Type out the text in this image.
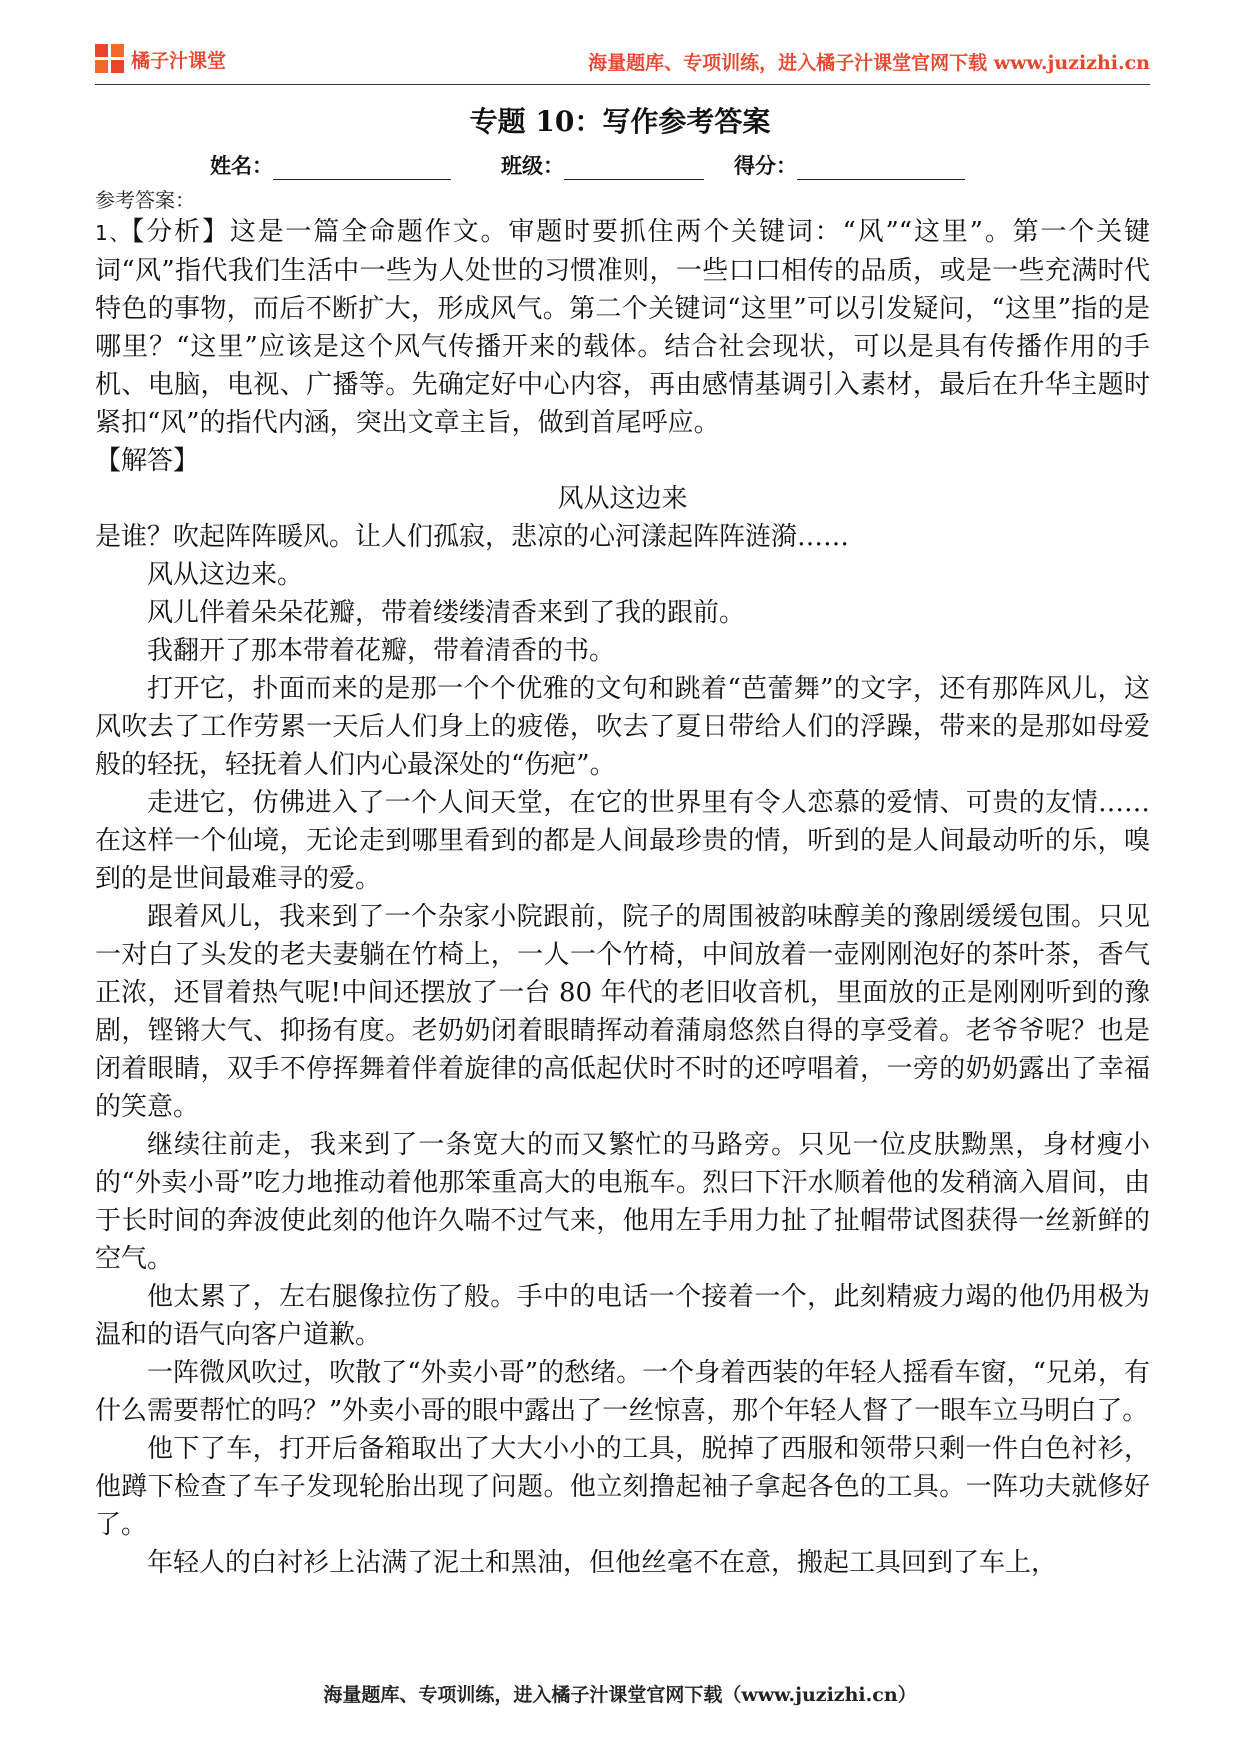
橘子汁课堂	海量题库、专项训练，进入橘子汁课堂官网下载 www.juzizhi.cn
专题 10：写作参考答案
姓名：	班级：	得分：
参考答案：

1、【分析】这是一篇全命题作文。审题时要抓住两个关键词：“风”“这里”。第一个关键词“风”指代我们生活中一些为人处世的习惯准则，一些口口相传的品质，或是一些充满时代特色的事物，而后不断扩大，形成风气。第二个关键词“这里”可以引发疑问，“这里”指的是哪里？“这里”应该是这个风气传播开来的载体。结合社会现状，可以是具有传播作用的手机、电脑，电视、广播等。先确定好中心内容，再由感情基调引入素材，最后在升华主题时紧扣“风”的指代内涵，突出文章主旨，做到首尾呼应。

【解答】

风从这边来

是谁？吹起阵阵暖风。让人们孤寂，悲凉的心河漾起阵阵涟漪……

风从这边来。

风儿伴着朵朵花瓣，带着缕缕清香来到了我的跟前。

我翻开了那本带着花瓣，带着清香的书。

打开它，扑面而来的是那一个个优雅的文句和跳着“芭蕾舞”的文字，还有那阵风儿，这风吹去了工作劳累一天后人们身上的疲倦，吹去了夏日带给人们的浮躁，带来的是那如母爱般的轻抚，轻抚着人们内心最深处的“伤疤”。

走进它，仿佛进入了一个人间天堂，在它的世界里有令人恋慕的爱情、可贵的友情……在这样一个仙境，无论走到哪里看到的都是人间最珍贵的情，听到的是人间最动听的乐，嗅到的是世间最难寻的爱。

跟着风儿，我来到了一个杂家小院跟前，院子的周围被韵味醇美的豫剧缓缓包围。只见一对白了头发的老夫妻躺在竹椅上，一人一个竹椅，中间放着一壶刚刚泡好的茶叶茶，香气正浓，还冒着热气呢!中间还摆放了一台 80 年代的老旧收音机，里面放的正是刚刚听到的豫剧，铿锵大气、抑扬有度。老奶奶闭着眼睛挥动着蒲扇悠然自得的享受着。老爷爷呢？也是闭着眼睛，双手不停挥舞着伴着旋律的高低起伏时不时的还哼唱着，一旁的奶奶露出了幸福的笑意。

继续往前走，我来到了一条宽大的而又繁忙的马路旁。只见一位皮肤黝黑，身材瘦小的“外卖小哥”吃力地推动着他那笨重高大的电瓶车。烈曰下汗水顺着他的发稍滴入眉间，由于长时间的奔波使此刻的他许久喘不过气来，他用左手用力扯了扯帽带试图获得一丝新鲜的空气。

他太累了，左右腿像拉伤了般。手中的电话一个接着一个，此刻精疲力竭的他仍用极为温和的语气向客户道歉。

一阵微风吹过，吹散了“外卖小哥”的愁绪。一个身着西装的年轻人摇看车窗，“兄弟，有什么需要帮忙的吗？”外卖小哥的眼中露出了一丝惊喜，那个年轻人督了一眼车立马明白了。

他下了车，打开后备箱取出了大大小小的工具，脱掉了西服和领带只剩一件白色衬衫，他蹲下检查了车子发现轮胎出现了问题。他立刻撸起袖子拿起各色的工具。一阵功夫就修好了。

年轻人的白衬衫上沾满了泥土和黑油，但他丝毫不在意，搬起工具回到了车上，

海量题库、专项训练，进入橘子汁课堂官网下载（www.juzizhi.cn）
